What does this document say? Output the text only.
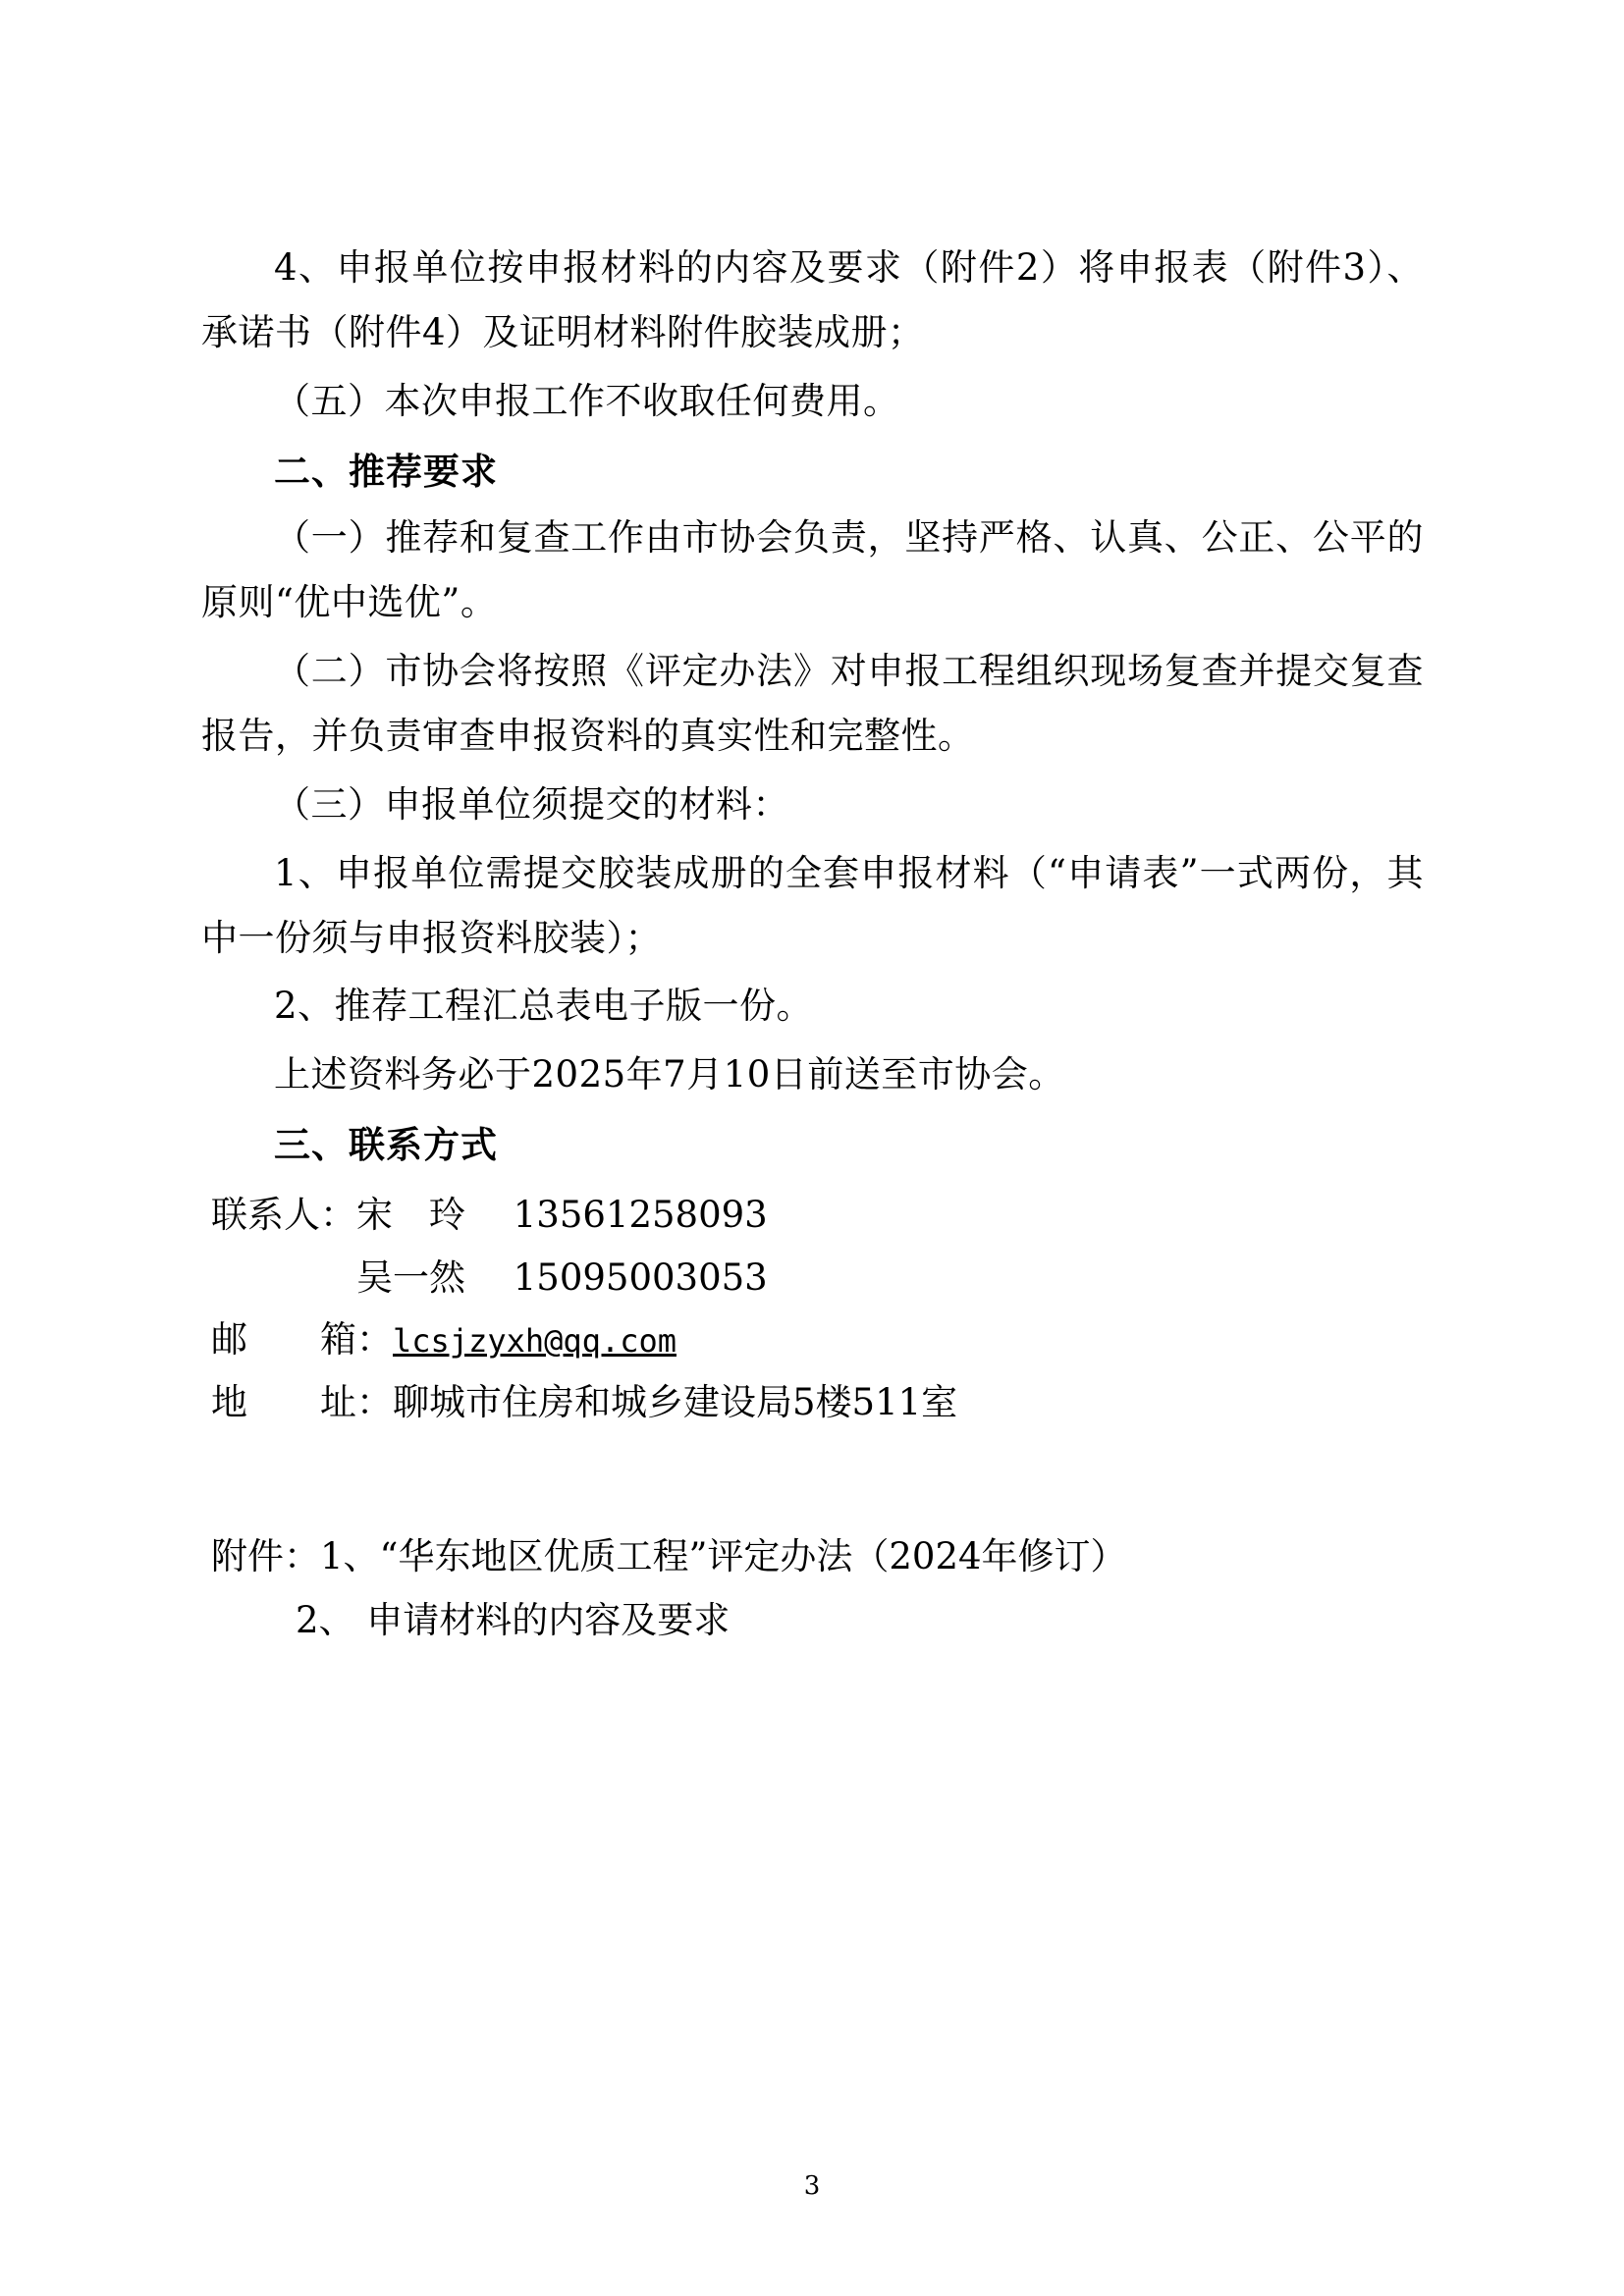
4、申报单位按申报材料的内容及要求（附件2）将申报表（附件3）、承诺书（附件4）及证明材料附件胶装成册；

（五）本次申报工作不收取任何费用。

二、推荐要求

（一）推荐和复查工作由市协会负责，坚持严格、认真、公正、公平的原则“优中选优”。

（二）市协会将按照《评定办法》对申报工程组织现场复查并提交复查报告，并负责审查申报资料的真实性和完整性。

（三）申报单位须提交的材料：

1、申报单位需提交胶装成册的全套申报材料（“申请表”一式两份，其中一份须与申报资料胶装）；

2、推荐工程汇总表电子版一份。

上述资料务必于2025年7月10日前送至市协会。

三、联系方式

联系人：宋　玲　 13561258093

　　　　吴一然　 15095003053

邮　　箱：lcsjzyxh@qq.com

地　　址：聊城市住房和城乡建设局5楼511室

附件：1、“华东地区优质工程”评定办法（2024年修订）

2、 申请材料的内容及要求

3
